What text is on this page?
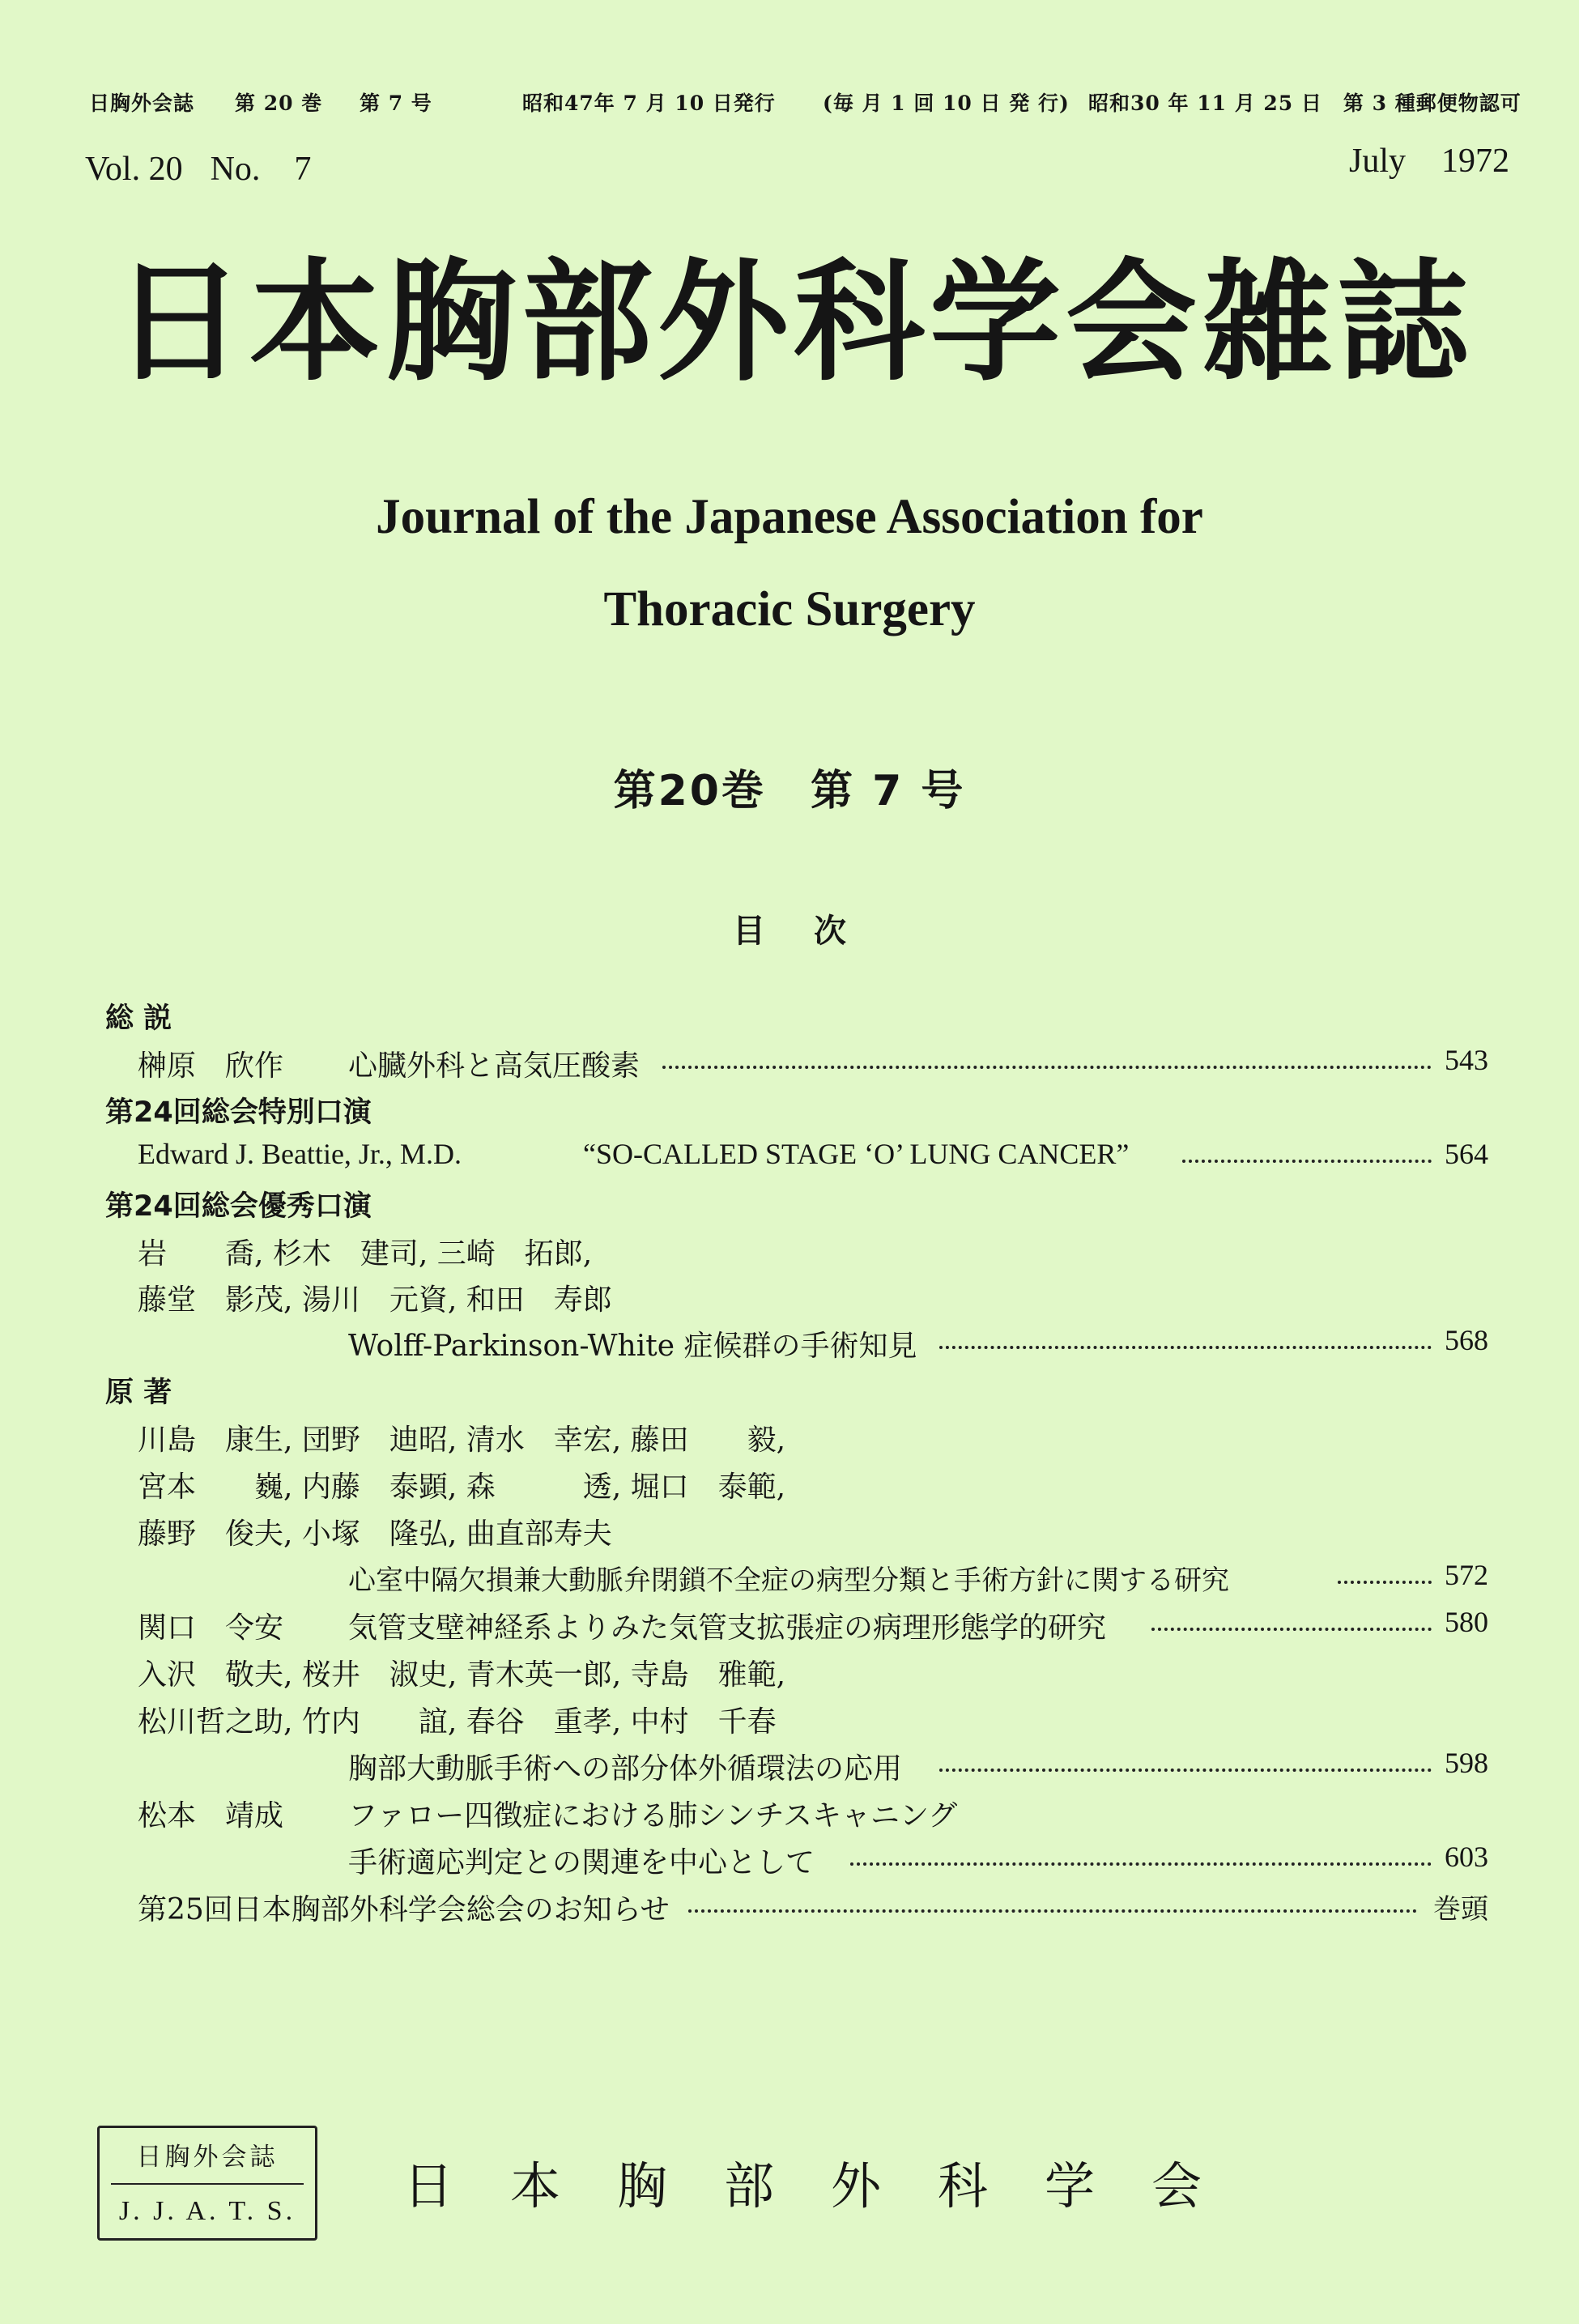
日胸外会誌 第 20 巻 第 7 号	昭和47年 7 月 10 日発行 (毎 月 1 回 10 日 発 行) 昭和30 年 11 月 25 日　第 3 種郵便物認可
Vol. 20 No.　7	July 1972
日本胸部外科学会雑誌
Journal of the Japanese Association for
Thoracic Surgery
第20巻　第 7 号
目次
総 説
榊原　欣作 心臓外科と高気圧酸素	543
第24回総会特別口演
Edward J. Beattie, Jr., M.D.	“SO-CALLED STAGE ‘O’ LUNG CANCER”	564
第24回総会優秀口演
岩　　喬, 杉木　建司, 三崎　拓郎,
藤堂　影茂, 湯川　元資, 和田　寿郎
Wolff-Parkinson-White 症候群の手術知見	568
原 著
川島　康生, 団野　迪昭, 清水　幸宏, 藤田　　毅,
宮本　　巍, 内藤　泰顕, 森　　　透, 堀口　泰範,
藤野　俊夫, 小塚　隆弘, 曲直部寿夫
心室中隔欠損兼大動脈弁閉鎖不全症の病型分類と手術方針に関する研究	572
関口　令安 気管支壁神経系よりみた気管支拡張症の病理形態学的研究	580
入沢　敬夫, 桜井　淑史, 青木英一郎, 寺島　雅範,
松川哲之助, 竹内　　誼, 春谷　重孝, 中村　千春
胸部大動脈手術への部分体外循環法の応用	598
松本　靖成 ファロー四徴症における肺シンチスキャニング
手術適応判定との関連を中心として	603
第25回日本胸部外科学会総会のお知らせ	巻頭
日胸外会誌
J. J. A. T. S.	日本胸部外科学会
